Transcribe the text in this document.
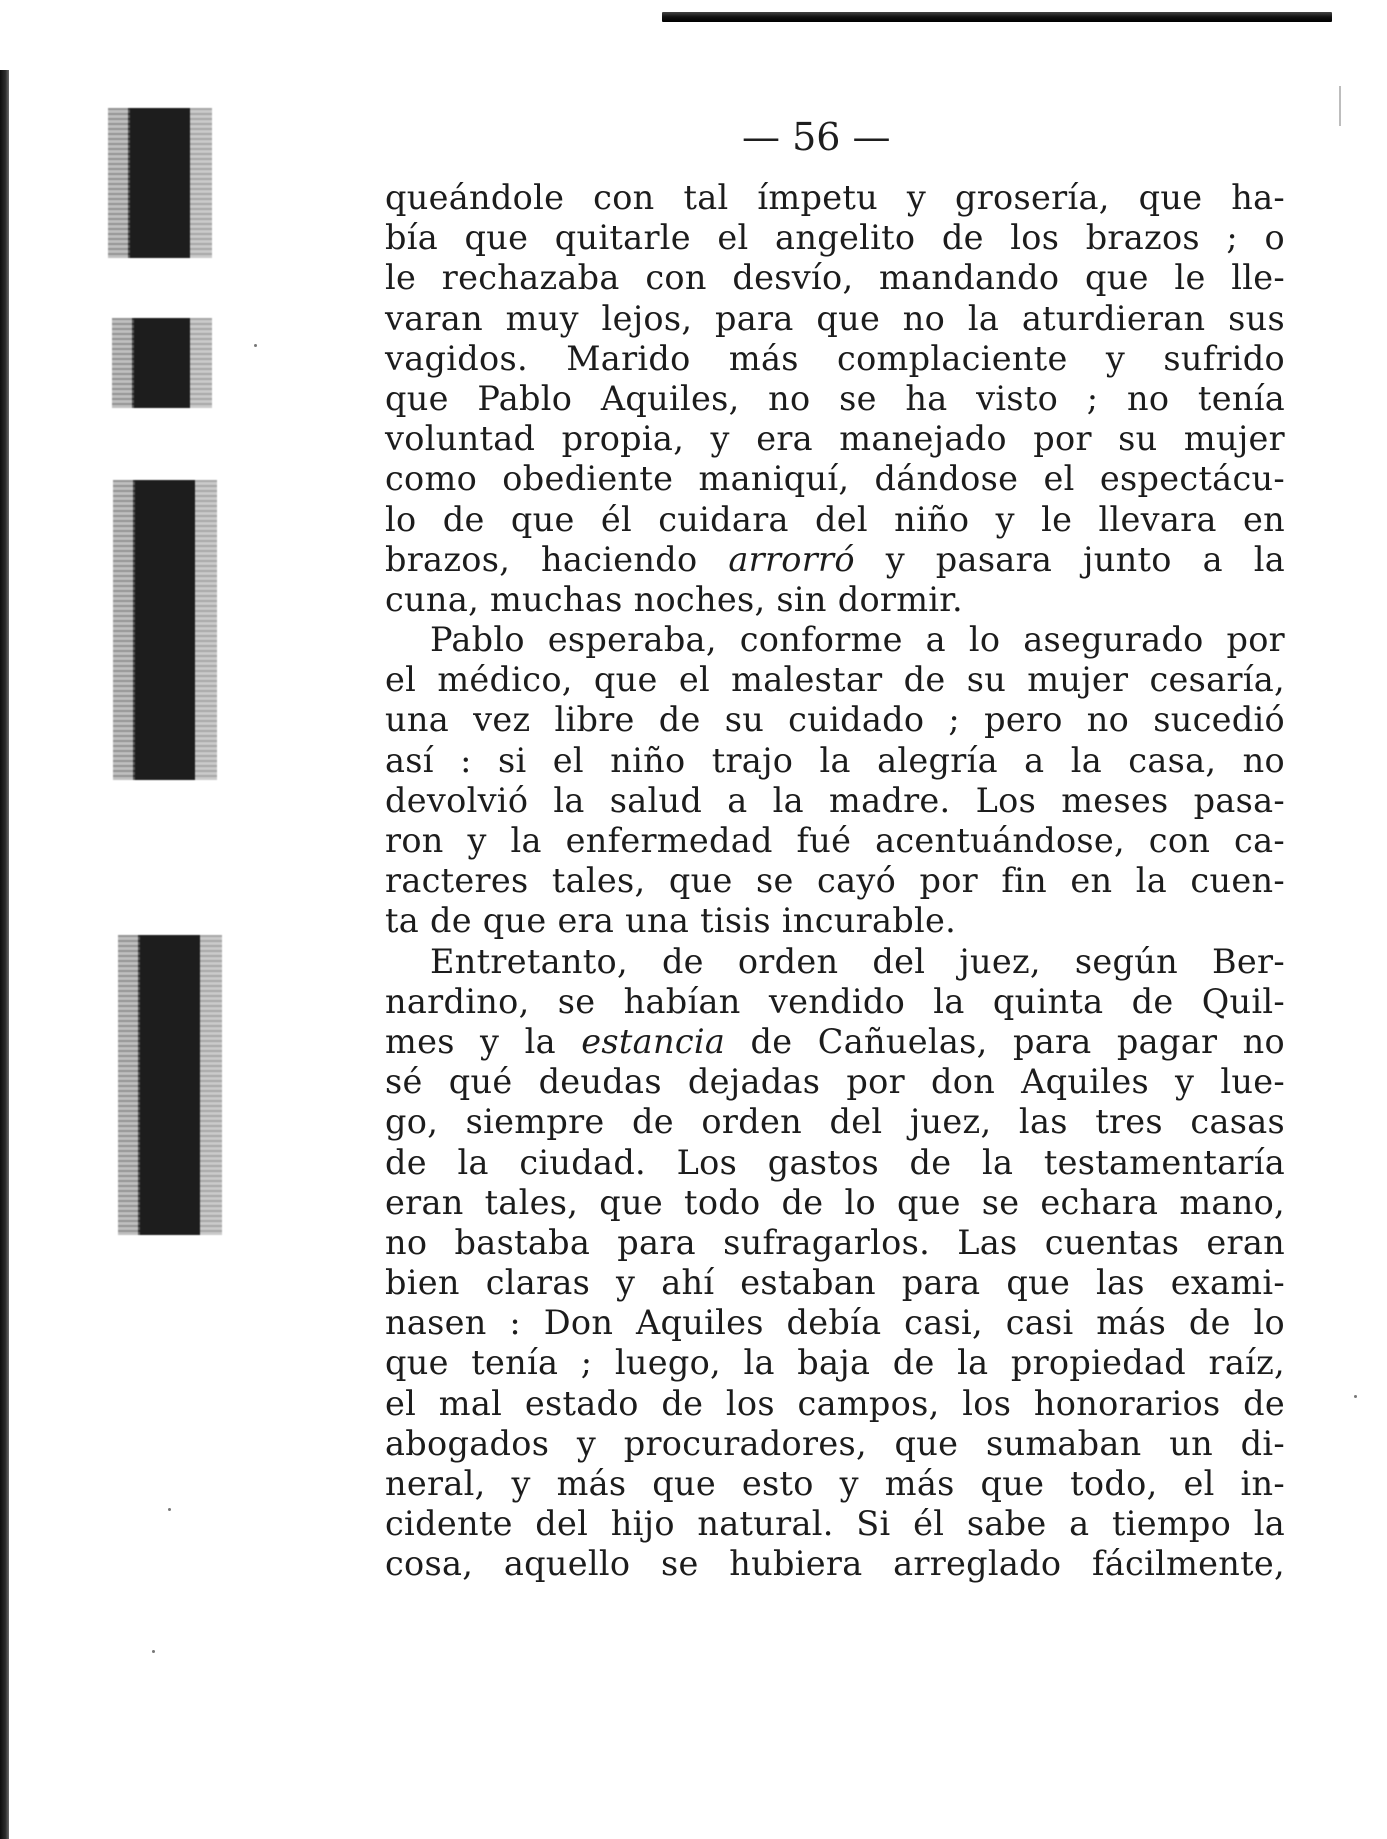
— 56 —
queándole con tal ímpetu y grosería, que ha-
bía que quitarle el angelito de los brazos ; o
le rechazaba con desvío, mandando que le lle-
varan muy lejos, para que no la aturdieran sus
vagidos. Marido más complaciente y sufrido
que Pablo Aquiles, no se ha visto ; no tenía
voluntad propia, y era manejado por su mujer
como obediente maniquí, dándose el espectácu-
lo de que él cuidara del niño y le llevara en
brazos, haciendo arrorró y pasara junto a la
cuna, muchas noches, sin dormir.
Pablo esperaba, conforme a lo asegurado por
el médico, que el malestar de su mujer cesaría,
una vez libre de su cuidado ; pero no sucedió
así : si el niño trajo la alegría a la casa, no
devolvió la salud a la madre. Los meses pasa-
ron y la enfermedad fué acentuándose, con ca-
racteres tales, que se cayó por fin en la cuen-
ta de que era una tisis incurable.
Entretanto, de orden del juez, según Ber-
nardino, se habían vendido la quinta de Quil-
mes y la estancia de Cañuelas, para pagar no
sé qué deudas dejadas por don Aquiles y lue-
go, siempre de orden del juez, las tres casas
de la ciudad. Los gastos de la testamentaría
eran tales, que todo de lo que se echara mano,
no bastaba para sufragarlos. Las cuentas eran
bien claras y ahí estaban para que las exami-
nasen : Don Aquiles debía casi, casi más de lo
que tenía ; luego, la baja de la propiedad raíz,
el mal estado de los campos, los honorarios de
abogados y procuradores, que sumaban un di-
neral, y más que esto y más que todo, el in-
cidente del hijo natural. Si él sabe a tiempo la
cosa, aquello se hubiera arreglado fácilmente,
